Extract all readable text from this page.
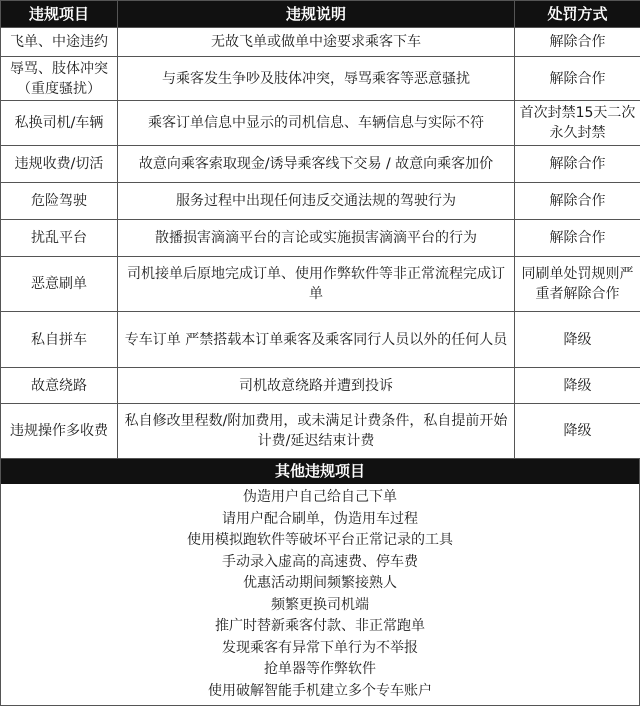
违规项目	违规说明	处罚方式
飞单、中途违约	无故飞单或做单中途要求乘客下车	解除合作
辱骂、肢体冲突（重度骚扰）	与乘客发生争吵及肢体冲突，辱骂乘客等恶意骚扰	解除合作
私换司机/车辆	乘客订单信息中显示的司机信息、车辆信息与实际不符	首次封禁15天二次永久封禁
违规收费/切活	故意向乘客索取现金/诱导乘客线下交易 / 故意向乘客加价	解除合作
危险驾驶	服务过程中出现任何违反交通法规的驾驶行为	解除合作
扰乱平台	散播损害滴滴平台的言论或实施损害滴滴平台的行为	解除合作
恶意刷单	司机接单后原地完成订单、使用作弊软件等非正常流程完成订单	同刷单处罚规则严重者解除合作
私自拼车	专车订单 严禁搭载本订单乘客及乘客同行人员以外的任何人员	降级
故意绕路	司机故意绕路并遭到投诉	降级
违规操作多收费	私自修改里程数/附加费用，或未满足计费条件，私自提前开始计费/延迟结束计费	降级
其他违规项目
伪造用户自己给自己下单
请用户配合刷单，伪造用车过程
使用模拟跑软件等破坏平台正常记录的工具
手动录入虚高的高速费、停车费
优惠活动期间频繁接熟人
频繁更换司机端
推广时替新乘客付款、非正常跑单
发现乘客有异常下单行为不举报
抢单器等作弊软件
使用破解智能手机建立多个专车账户
